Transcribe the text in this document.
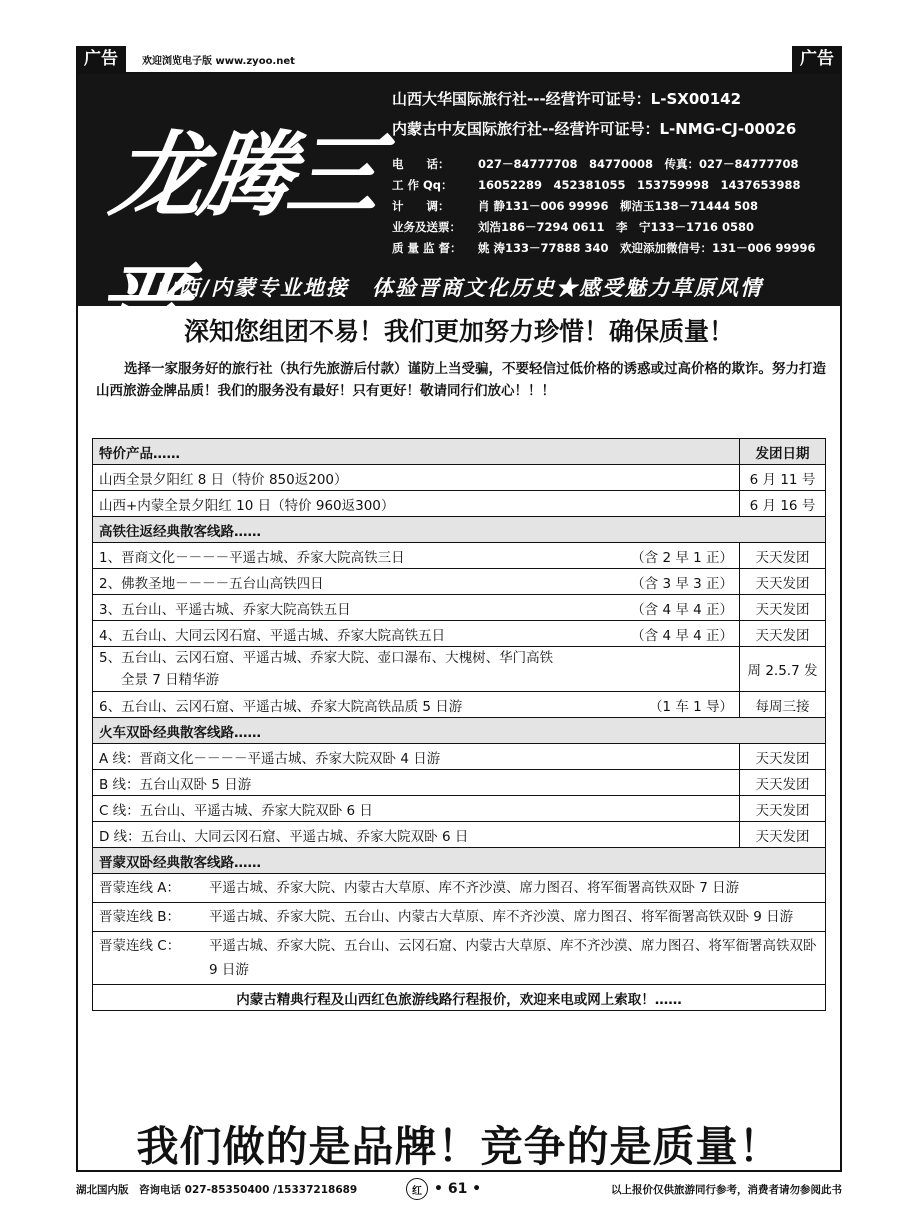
广告	欢迎浏览电子版 www.zyoo.net	广告
龙腾三晋
山西大华国际旅行社---经营许可证号：L-SX00142
内蒙古中友国际旅行社--经营许可证号：L-NMG-CJ-00026
电　　话： 027－84777708　84770008　传真：027－84777708
工 作 Qq： 16052289　452381055　153759998　1437653988
计　　调： 肖 静131－006 99996　柳洁玉138－71444 508
业务及送票： 刘浩186－7294 0611　李　宁133－1716 0580
质 量 监 督： 姚 涛133－77888 340　欢迎添加微信号：131－006 99996
山西/内蒙专业地接　体验晋商文化历史★感受魅力草原风情
深知您组团不易！我们更加努力珍惜！确保质量！
选择一家服务好的旅行社（执行先旅游后付款）谨防上当受骗，不要轻信过低价格的诱惑或过高价格的欺诈。努力打造山西旅游金牌品质！我们的服务没有最好！只有更好！敬请同行们放心！！！
特价产品……	发团日期
山西全景夕阳红 8 日（特价 850返200）	6 月 11 号
山西+内蒙全景夕阳红 10 日（特价 960返300）	6 月 16 号
高铁往返经典散客线路……	

1、晋商文化－－－－平遥古城、乔家大院高铁三日 （含 2 早 1 正）	天天发团

2、佛教圣地－－－－五台山高铁四日 （含 3 早 3 正）	天天发团

3、五台山、平遥古城、乔家大院高铁五日 （含 4 早 4 正）	天天发团

4、五台山、大同云冈石窟、平遥古城、乔家大院高铁五日 （含 4 早 4 正）	天天发团

5、五台山、云冈石窟、平遥古城、乔家大院、壶口瀑布、大槐树、华门高铁
全景 7 日精华游	周 2.5.7 发

6、五台山、云冈石窟、平遥古城、乔家大院高铁品质 5 日游 （1 车 1 导）	每周三接
火车双卧经典散客线路……	
A 线：晋商文化－－－－平遥古城、乔家大院双卧 4 日游	天天发团
B 线：五台山双卧 5 日游	天天发团
C 线：五台山、平遥古城、乔家大院双卧 6 日	天天发团
D 线：五台山、大同云冈石窟、平遥古城、乔家大院双卧 6 日	天天发团
晋蒙双卧经典散客线路……	

晋蒙连线 A： 平遥古城、乔家大院、内蒙古大草原、库不齐沙漠、席力图召、将军衙署高铁双卧 7 日游	

晋蒙连线 B： 平遥古城、乔家大院、五台山、内蒙古大草原、库不齐沙漠、席力图召、将军衙署高铁双卧 9 日游	

晋蒙连线 C： 平遥古城、乔家大院、五台山、云冈石窟、内蒙古大草原、库不齐沙漠、席力图召、将军衙署高铁双卧 9 日游	

内蒙古精典行程及山西红色旅游线路行程报价，欢迎来电或网上索取！……	
我们做的是品牌！竞争的是质量！
湖北国内版　咨询电话 027-85350400 /15337218689	红 • 61 •	以上报价仅供旅游同行参考，消费者请勿参阅此书
